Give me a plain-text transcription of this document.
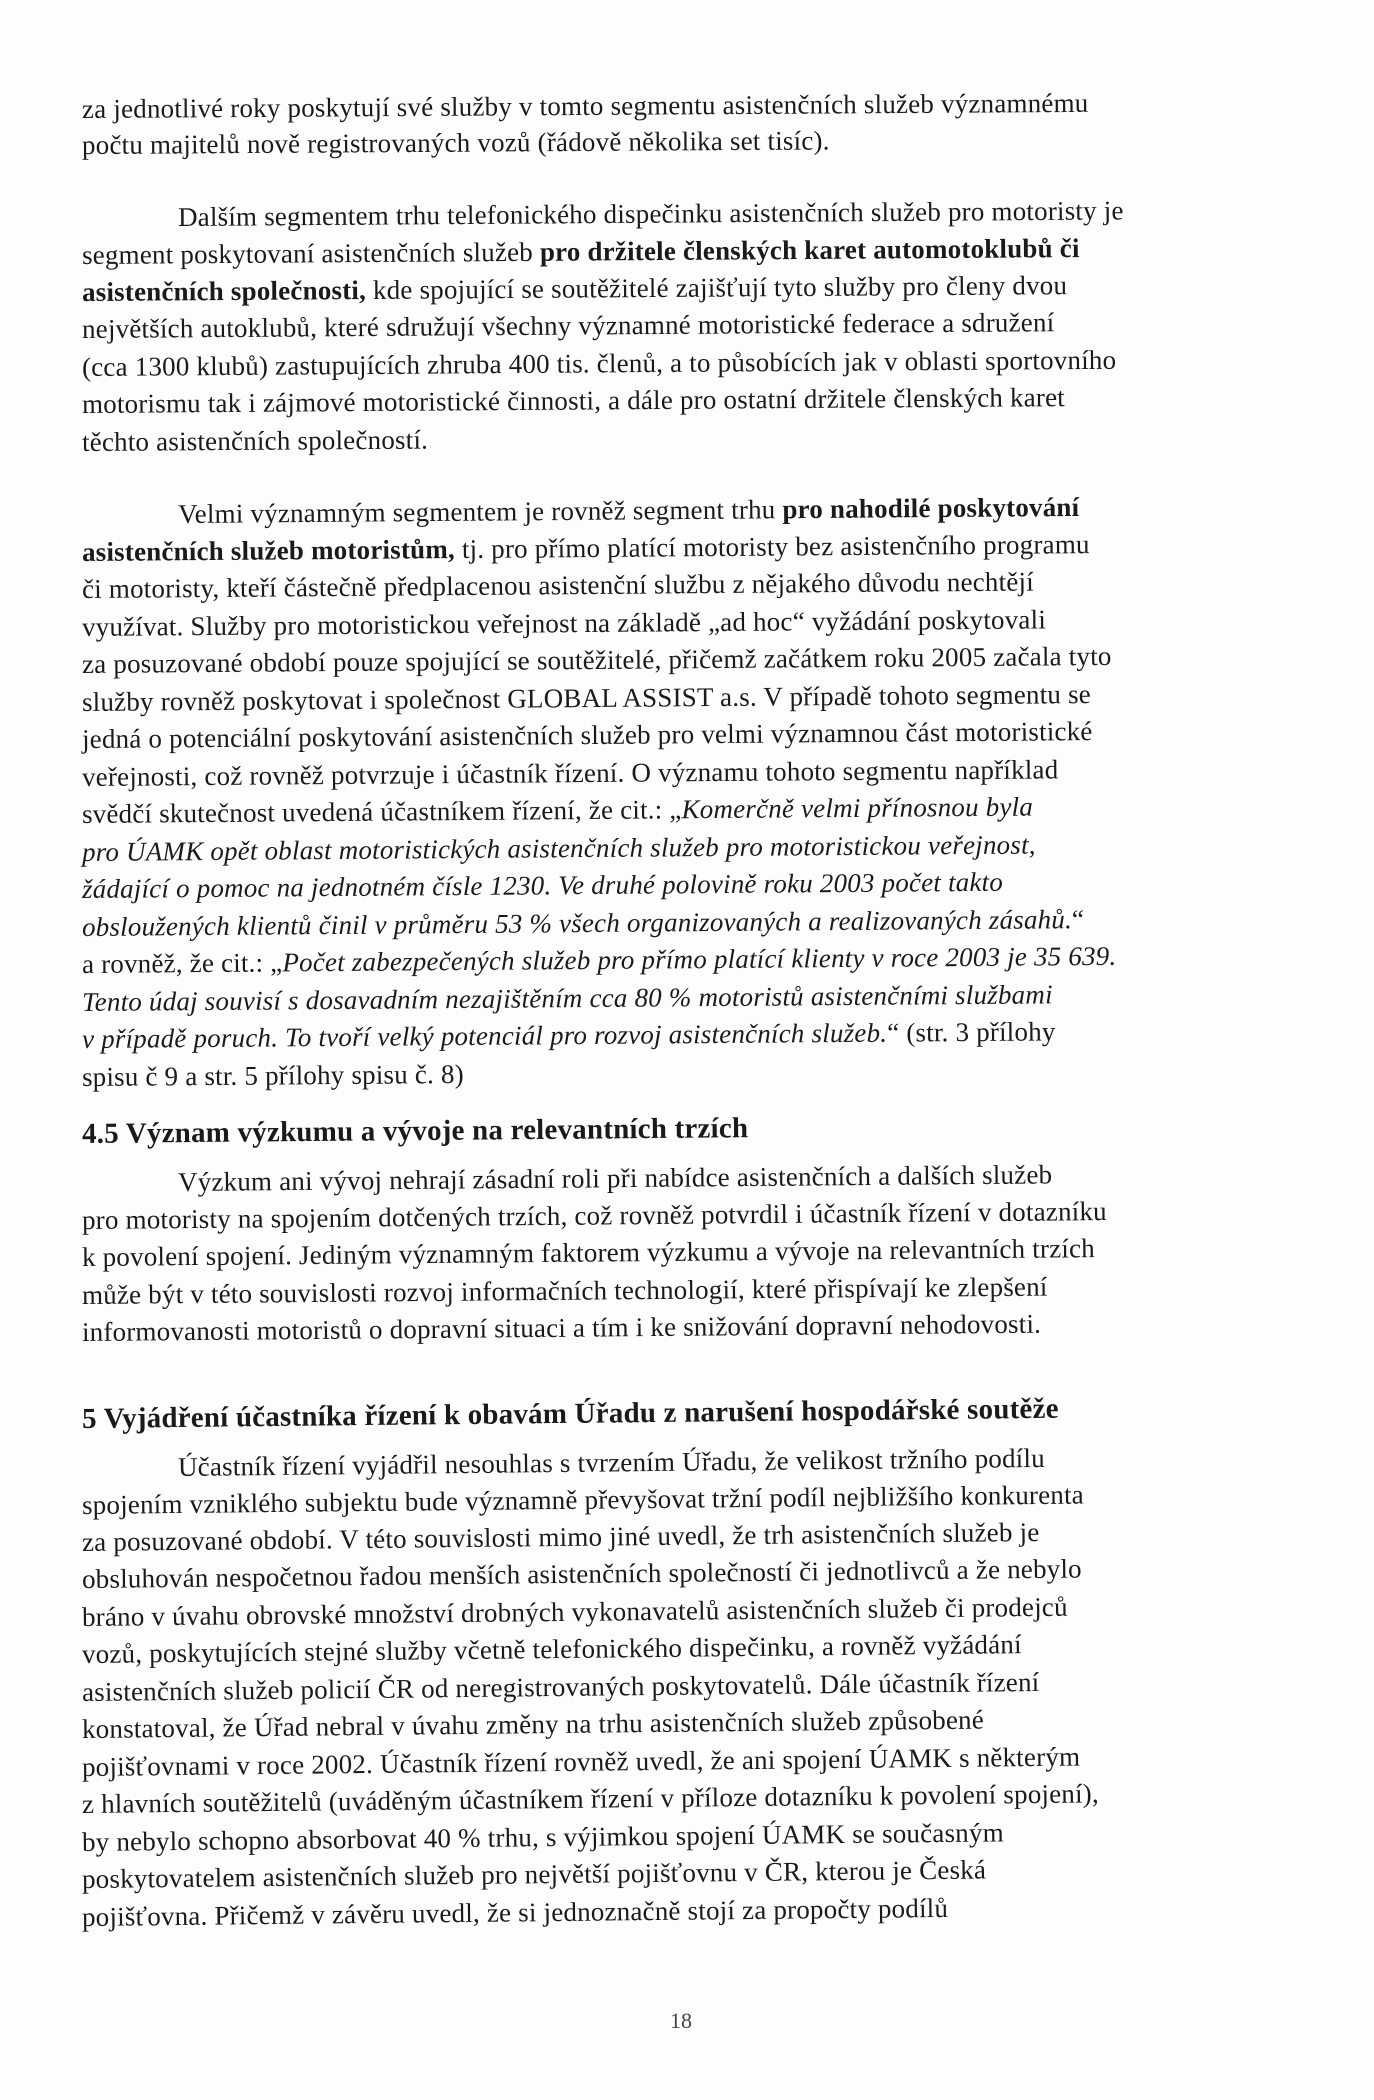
za jednotlivé roky poskytují své služby v tomto segmentu asistenčních služeb významnému
počtu majitelů nově registrovaných vozů (řádově několika set tisíc).
Dalším segmentem trhu telefonického dispečinku asistenčních služeb pro motoristy je
segment poskytovaní asistenčních služeb pro držitele členských karet automotoklubů či
asistenčních společnosti, kde spojující se soutěžitelé zajišťují tyto služby pro členy dvou
největších autoklubů, které sdružují všechny významné motoristické federace a sdružení
(cca 1300 klubů) zastupujících zhruba 400 tis. členů, a to působících jak v oblasti sportovního
motorismu tak i zájmové motoristické činnosti, a dále pro ostatní držitele členských karet
těchto asistenčních společností.
Velmi významným segmentem je rovněž segment trhu pro nahodilé poskytování
asistenčních služeb motoristům, tj. pro přímo platící motoristy bez asistenčního programu
či motoristy, kteří částečně předplacenou asistenční službu z nějakého důvodu nechtějí
využívat. Služby pro motoristickou veřejnost na základě „ad hoc“ vyžádání poskytovali
za posuzované období pouze spojující se soutěžitelé, přičemž začátkem roku 2005 začala tyto
služby rovněž poskytovat i společnost GLOBAL ASSIST a.s. V případě tohoto segmentu se
jedná o potenciální poskytování asistenčních služeb pro velmi významnou část motoristické
veřejnosti, což rovněž potvrzuje i účastník řízení. O významu tohoto segmentu například
svědčí skutečnost uvedená účastníkem řízení, že cit.: „Komerčně velmi přínosnou byla
pro ÚAMK opět oblast motoristických asistenčních služeb pro motoristickou veřejnost,
žádající o pomoc na jednotném čísle 1230. Ve druhé polovině roku 2003 počet takto
obsloužených klientů činil v průměru 53 % všech organizovaných a realizovaných zásahů.“
a rovněž, že cit.: „Počet zabezpečených služeb pro přímo platící klienty v roce 2003 je 35 639.
Tento údaj souvisí s dosavadním nezajištěním cca 80 % motoristů asistenčními službami
v případě poruch. To tvoří velký potenciál pro rozvoj asistenčních služeb.“ (str. 3 přílohy
spisu č 9 a str. 5 přílohy spisu č. 8)
4.5 Význam výzkumu a vývoje na relevantních trzích
Výzkum ani vývoj nehrají zásadní roli při nabídce asistenčních a dalších služeb
pro motoristy na spojením dotčených trzích, což rovněž potvrdil i účastník řízení v dotazníku
k povolení spojení. Jediným významným faktorem výzkumu a vývoje na relevantních trzích
může být v této souvislosti rozvoj informačních technologií, které přispívají ke zlepšení
informovanosti motoristů o dopravní situaci a tím i ke snižování dopravní nehodovosti.
5 Vyjádření účastníka řízení k obavám Úřadu z narušení hospodářské soutěže
Účastník řízení vyjádřil nesouhlas s tvrzením Úřadu, že velikost tržního podílu
spojením vzniklého subjektu bude významně převyšovat tržní podíl nejbližšího konkurenta
za posuzované období. V této souvislosti mimo jiné uvedl, že trh asistenčních služeb je
obsluhován nespočetnou řadou menších asistenčních společností či jednotlivců a že nebylo
bráno v úvahu obrovské množství drobných vykonavatelů asistenčních služeb či prodejců
vozů, poskytujících stejné služby včetně telefonického dispečinku, a rovněž vyžádání
asistenčních služeb policií ČR od neregistrovaných poskytovatelů. Dále účastník řízení
konstatoval, že Úřad nebral v úvahu změny na trhu asistenčních služeb způsobené
pojišťovnami v roce 2002. Účastník řízení rovněž uvedl, že ani spojení ÚAMK s některým
z hlavních soutěžitelů (uváděným účastníkem řízení v příloze dotazníku k povolení spojení),
by nebylo schopno absorbovat 40 % trhu, s výjimkou spojení ÚAMK se současným
poskytovatelem asistenčních služeb pro největší pojišťovnu v ČR, kterou je Česká
pojišťovna. Přičemž v závěru uvedl, že si jednoznačně stojí za propočty podílů
18
